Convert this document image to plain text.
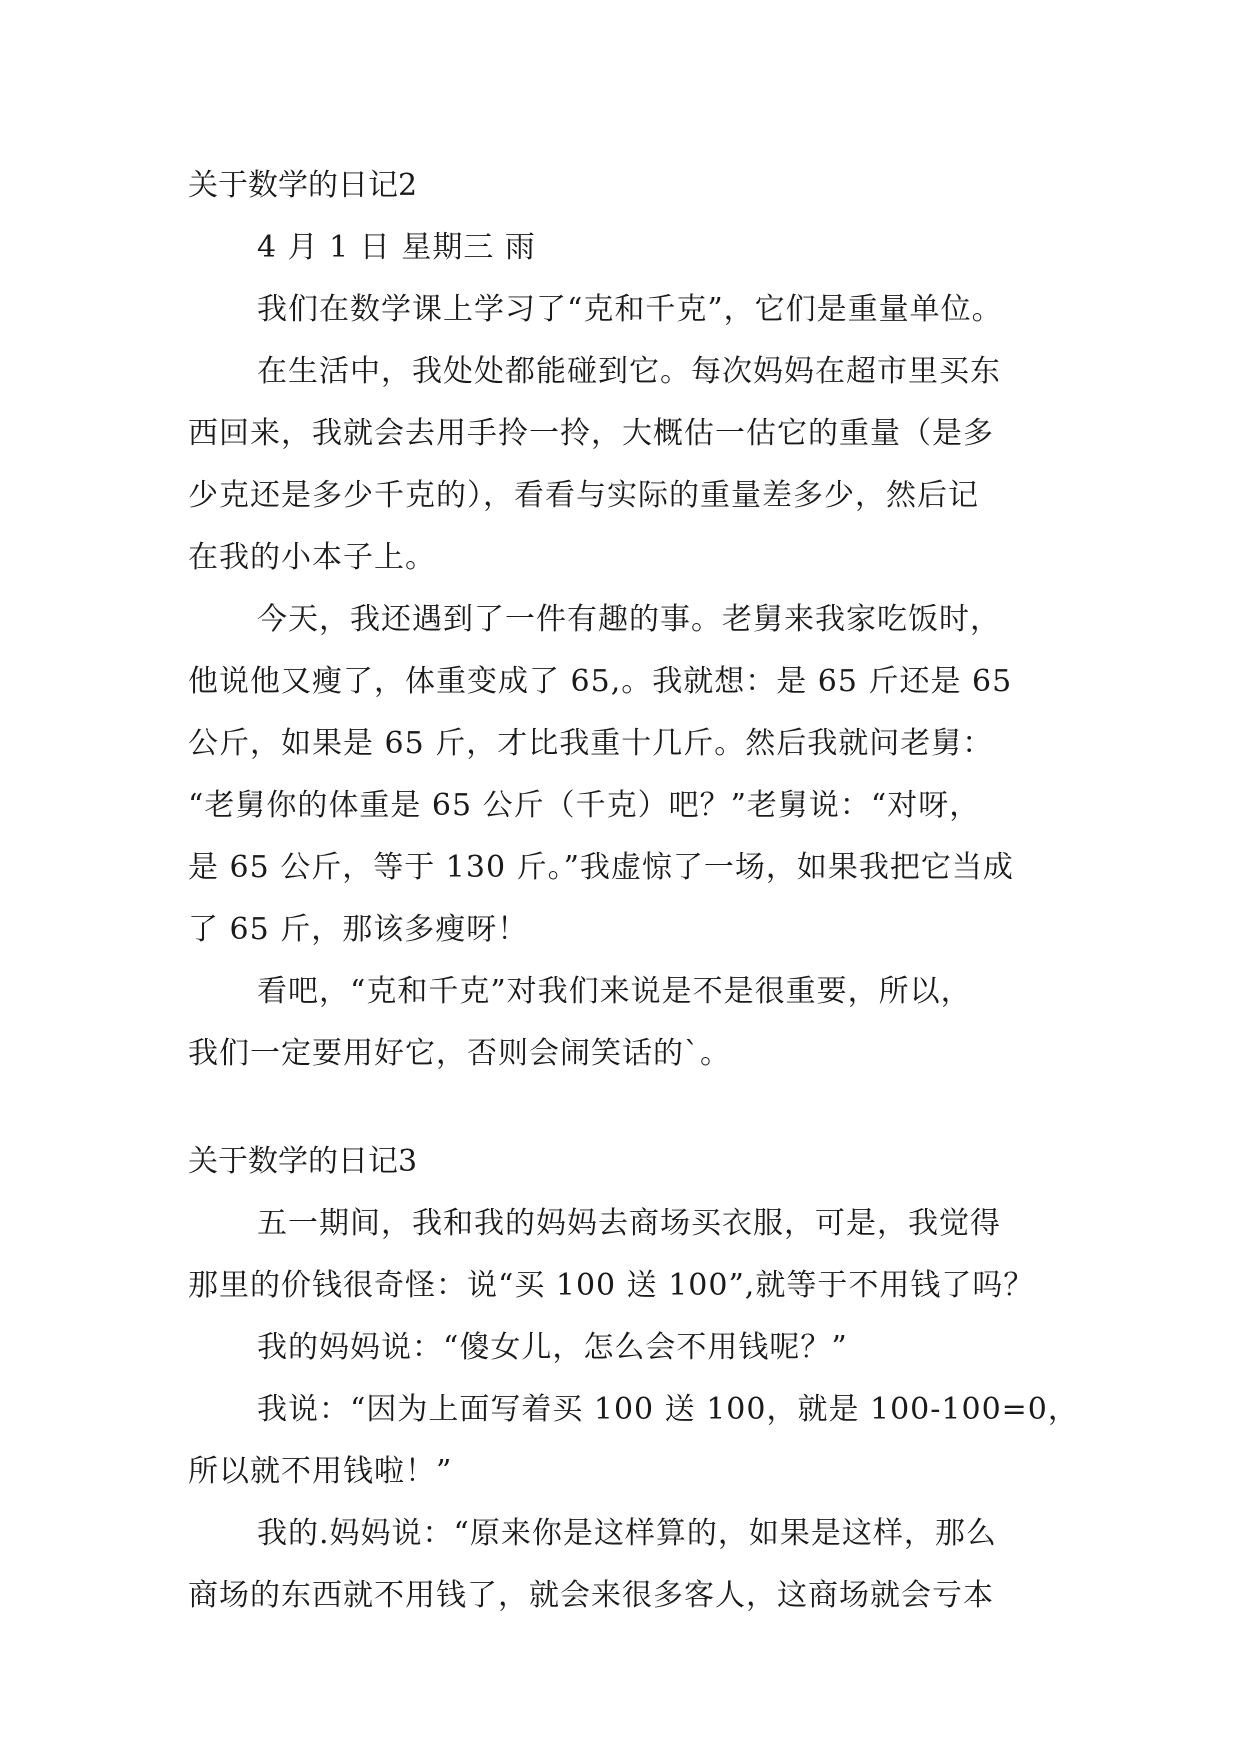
关于数学的日记2
4 月 1 日 星期三 雨
我们在数学课上学习了“克和千克”，它们是重量单位。
在生活中，我处处都能碰到它。每次妈妈在超市里买东
西回来，我就会去用手拎一拎，大概估一估它的重量（是多
少克还是多少千克的），看看与实际的重量差多少，然后记
在我的小本子上。
今天，我还遇到了一件有趣的事。老舅来我家吃饭时，
他说他又瘦了，体重变成了 65,。我就想：是 65 斤还是 65
公斤，如果是 65 斤，才比我重十几斤。然后我就问老舅：
“老舅你的体重是 65 公斤（千克）吧？”老舅说：“对呀，
是 65 公斤，等于 130 斤。”我虚惊了一场，如果我把它当成
了 65 斤，那该多瘦呀！
看吧，“克和千克”对我们来说是不是很重要，所以，
我们一定要用好它，否则会闹笑话的`。
关于数学的日记3
五一期间，我和我的妈妈去商场买衣服，可是，我觉得
那里的价钱很奇怪：说“买 100 送 100”,就等于不用钱了吗？
我的妈妈说：“傻女儿，怎么会不用钱呢？”
我说：“因为上面写着买 100 送 100，就是 100-100=0，
所以就不用钱啦！”
我的.妈妈说：“原来你是这样算的，如果是这样，那么
商场的东西就不用钱了，就会来很多客人，这商场就会亏本
